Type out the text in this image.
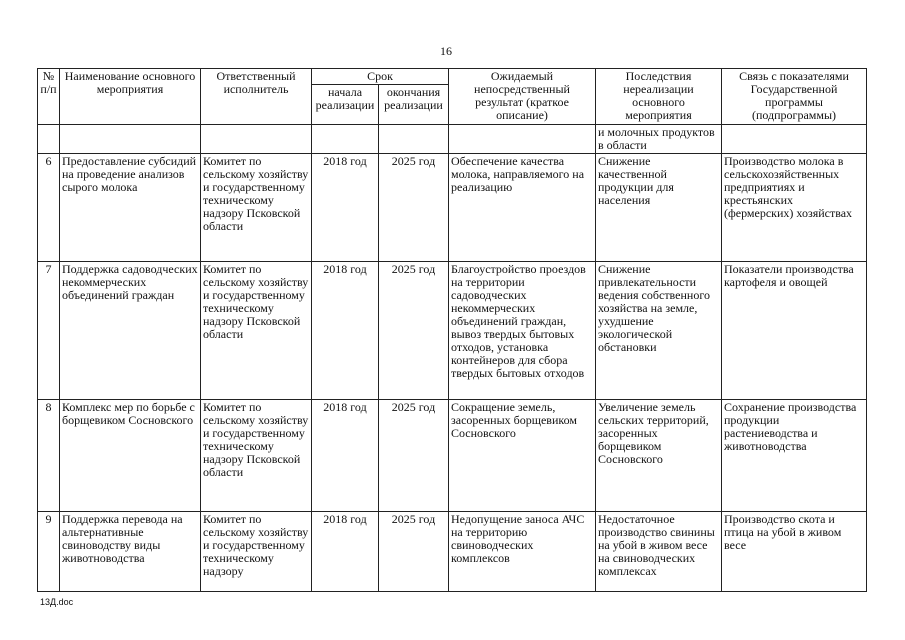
16
№ п/п	Наименование основного мероприятия	Ответственный исполнитель	Срок		Ожидаемый непосредственный результат (краткое описание)	Последствия нереализации основного мероприятия	Связь с показателями Государственной программы (подпрограммы)
			начала реализации	окончания реализации			
						и молочных продуктов в области	
6	Предоставление субсидий на проведение анализов сырого молока	Комитет по сельскому хозяйству и государственному техническому надзору Псковской области	2018 год	2025 год	Обеспечение качества молока, направляемого на реализацию	Снижение качественной продукции для населения	Производство молока в сельскохозяйственных предприятиях и крестьянских (фермерских) хозяйствах
7	Поддержка садоводческих некоммерческих объединений граждан	Комитет по сельскому хозяйству и государственному техническому надзору Псковской области	2018 год	2025 год	Благоустройство проездов на территории садоводческих некоммерческих объединений граждан, вывоз твердых бытовых отходов, установка контейнеров для сбора твердых бытовых отходов	Снижение привлекательности ведения собственного хозяйства на земле, ухудшение экологической обстановки	Показатели производства картофеля и овощей
8	Комплекс мер по борьбе с борщевиком Сосновского	Комитет по сельскому хозяйству и государственному техническому надзору Псковской области	2018 год	2025 год	Сокращение земель, засоренных борщевиком Сосновского	Увеличение земель сельских территорий, засоренных борщевиком Сосновского	Сохранение производства продукции растениеводства и животноводства
9	Поддержка перевода на альтернативные свиноводству виды животноводства	Комитет по сельскому хозяйству и государственному техническому надзору	2018 год	2025 год	Недопущение заноса АЧС на территорию свиноводческих комплексов	Недостаточное производство свинины на убой в живом весе на свиноводческих комплексах	Производство скота и птица на убой в живом весе
13Д.doc
